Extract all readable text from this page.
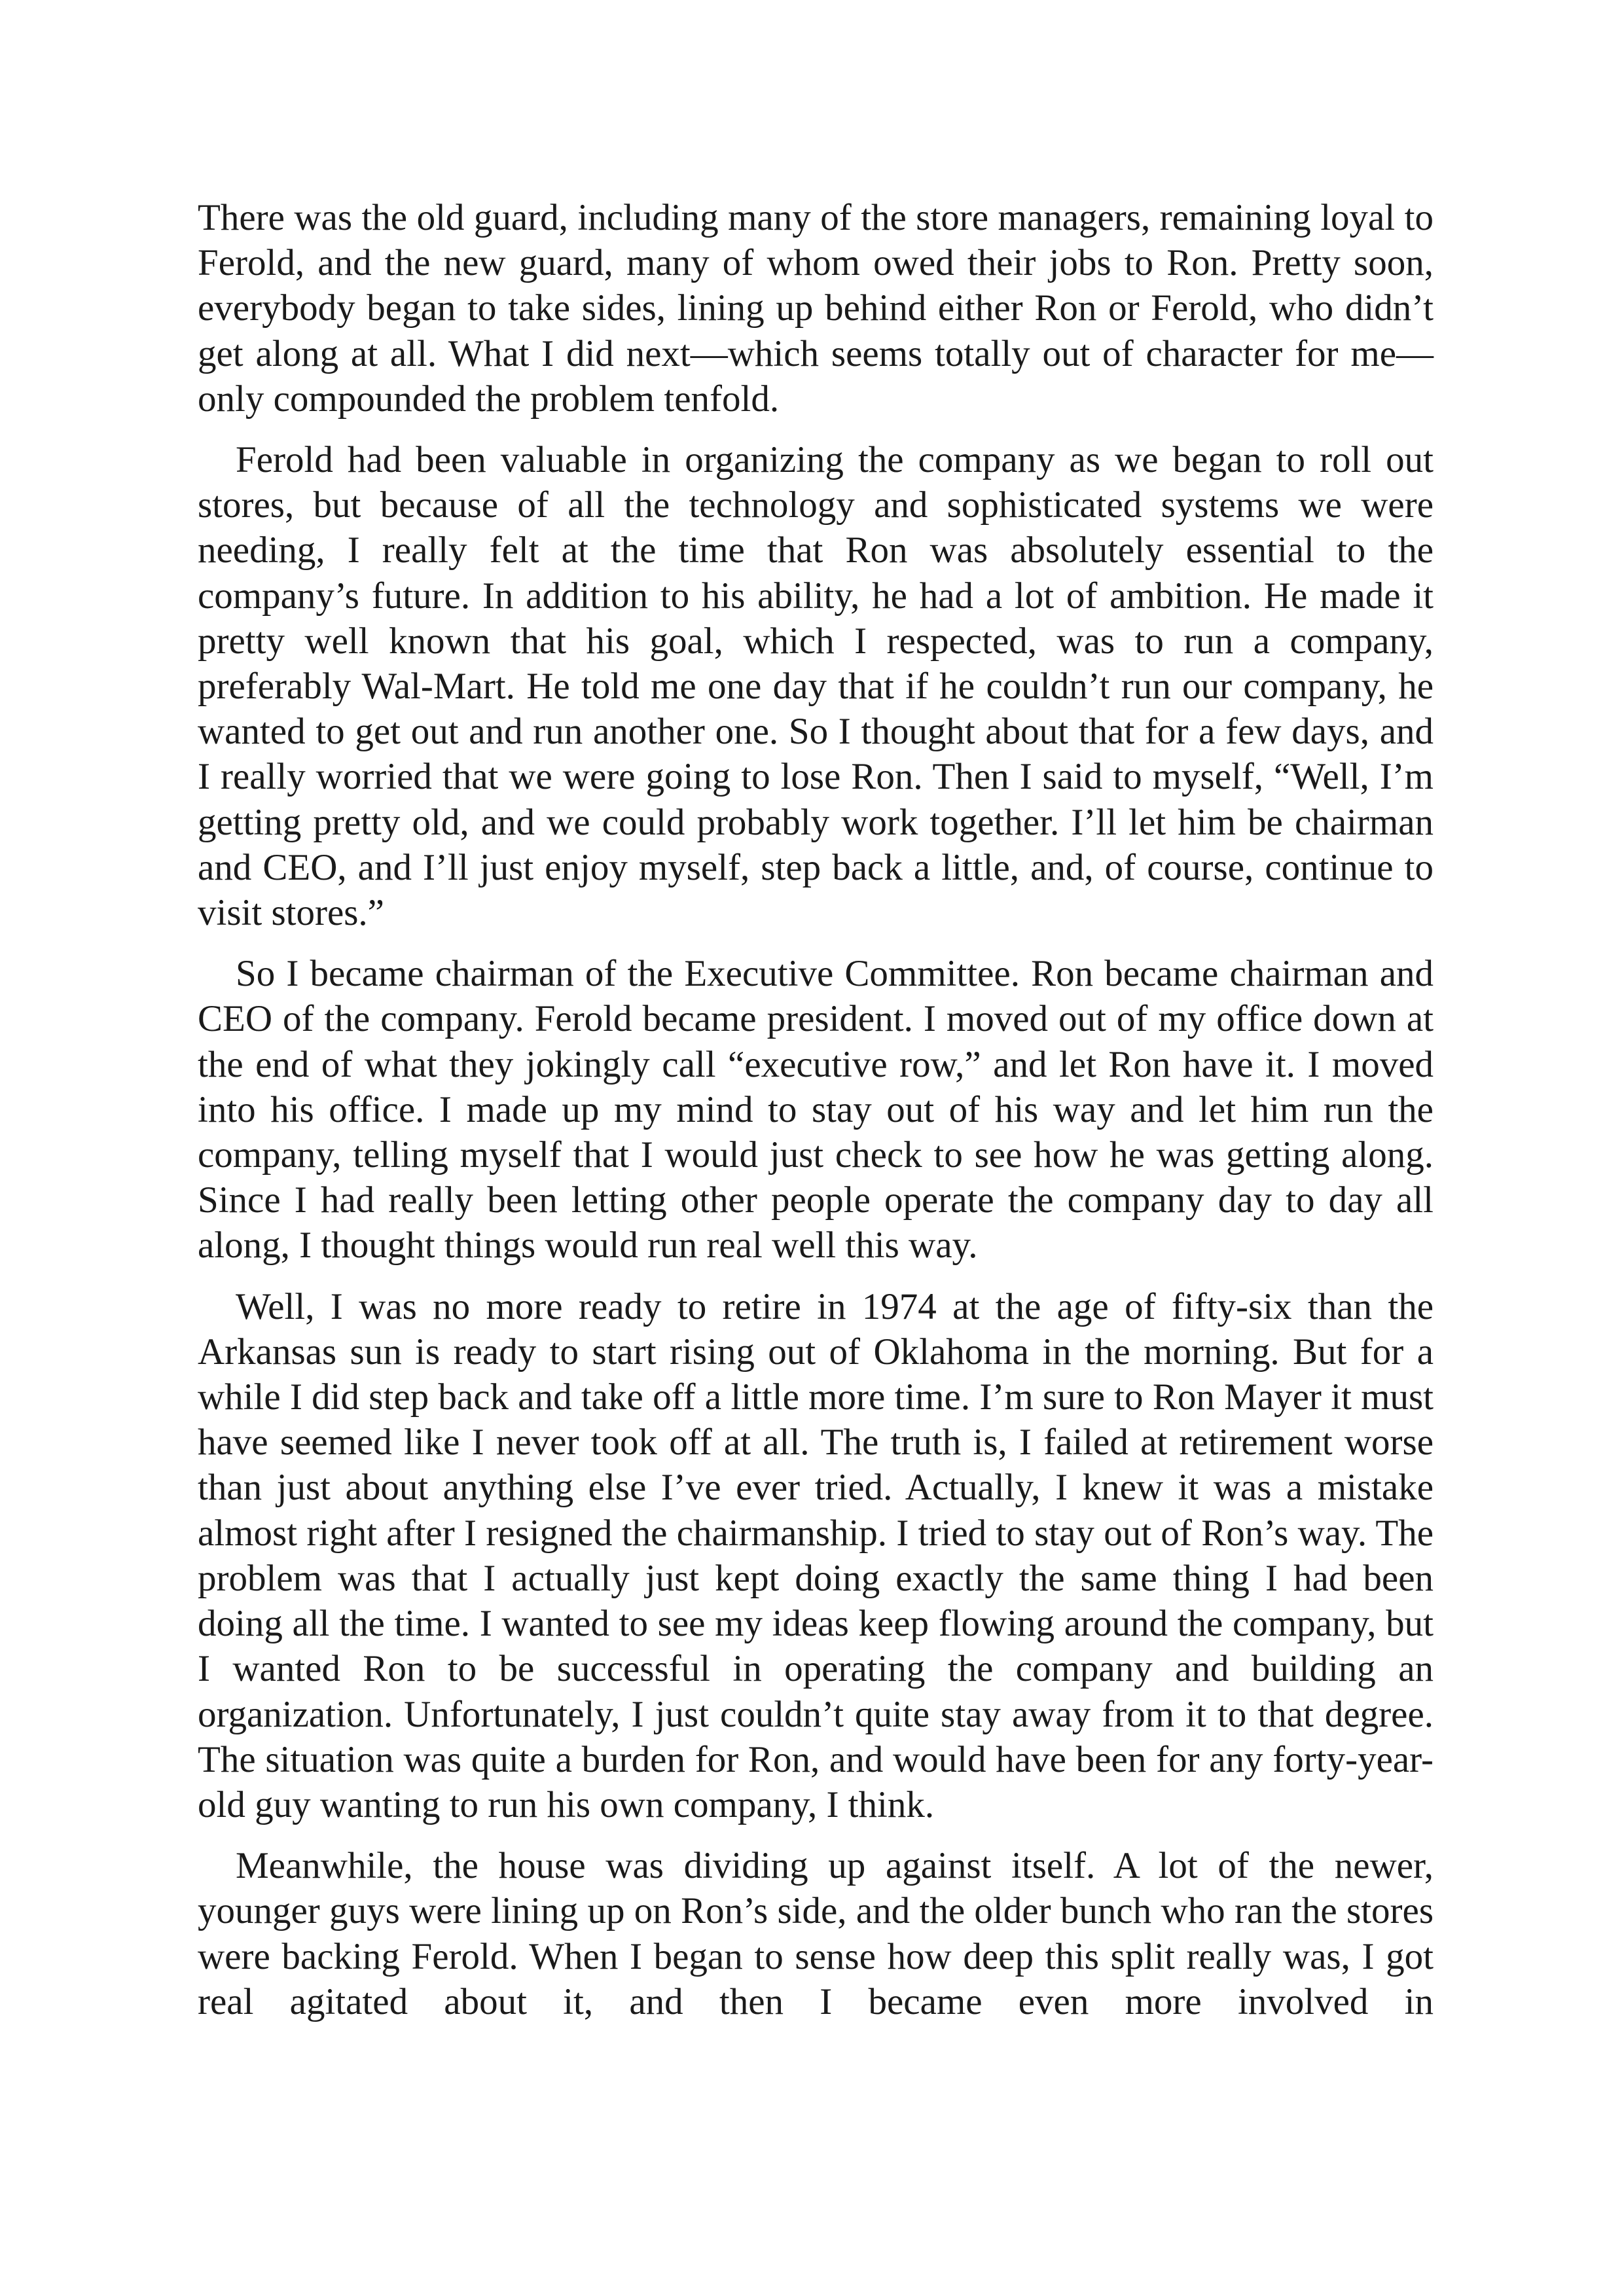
There was the old guard, including many of the store managers, remaining loyal to Ferold, and the new guard, many of whom owed their jobs to Ron. Pretty soon, everybody began to take sides, lining up behind either Ron or Ferold, who didn’t get along at all. What I did next—which seems totally out of character for me—only compounded the problem tenfold.

Ferold had been valuable in organizing the company as we began to roll out stores, but because of all the technology and sophisticated systems we were needing, I really felt at the time that Ron was absolutely essential to the company’s future. In addition to his ability, he had a lot of ambition. He made it pretty well known that his goal, which I respected, was to run a company, preferably Wal-Mart. He told me one day that if he couldn’t run our company, he wanted to get out and run another one. So I thought about that for a few days, and I really worried that we were going to lose Ron. Then I said to myself, “Well, I’m getting pretty old, and we could probably work together. I’ll let him be chairman and CEO, and I’ll just enjoy myself, step back a little, and, of course, continue to visit stores.”

So I became chairman of the Executive Committee. Ron became chairman and CEO of the company. Ferold became president. I moved out of my office down at the end of what they jokingly call “executive row,” and let Ron have it. I moved into his office. I made up my mind to stay out of his way and let him run the company, telling myself that I would just check to see how he was getting along. Since I had really been letting other people operate the company day to day all along, I thought things would run real well this way.

Well, I was no more ready to retire in 1974 at the age of fifty-six than the Arkansas sun is ready to start rising out of Oklahoma in the morning. But for a while I did step back and take off a little more time. I’m sure to Ron Mayer it must have seemed like I never took off at all. The truth is, I failed at retirement worse than just about anything else I’ve ever tried. Actually, I knew it was a mistake almost right after I resigned the chairmanship. I tried to stay out of Ron’s way. The problem was that I actually just kept doing exactly the same thing I had been doing all the time. I wanted to see my ideas keep flowing around the company, but I wanted Ron to be successful in operating the company and building an organization. Unfortunately, I just couldn’t quite stay away from it to that degree. The situation was quite a burden for Ron, and would have been for any forty-year-old guy wanting to run his own company, I think.

Meanwhile, the house was dividing up against itself. A lot of the newer, younger guys were lining up on Ron’s side, and the older bunch who ran the stores were backing Ferold. When I began to sense how deep this split really was, I got real agitated about it, and then I became even more involved in
